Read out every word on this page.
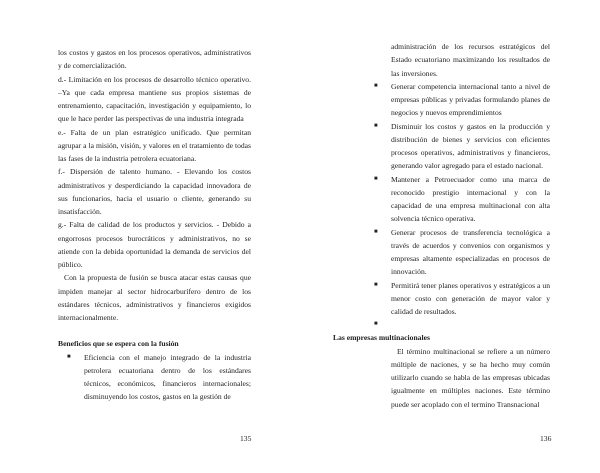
los costos y gastos en los procesos operativos, administrativos y de comercialización.

d.- Limitación en los procesos de desarrollo técnico operativo. –Ya que cada empresa mantiene sus propios sistemas de entrenamiento, capacitación, investigación y equipamiento, lo que le hace perder las perspectivas de una industria integrada

e.- Falta de un plan estratégico unificado. Que permitan agrupar a la misión, visión, y valores en el tratamiento de todas las fases de la industria petrolera ecuatoriana.

f.- Dispersión de talento humano. - Elevando los costos administrativos y desperdiciando la capacidad innovadora de sus funcionarios, hacia el usuario o cliente, generando su insatisfacción.

g.- Falta de calidad de los productos y servicios. - Debido a engorrosos procesos burocráticos y administrativos, no se atiende con la debida oportunidad la demanda de servicios del público.

Con la propuesta de fusión se busca atacar estas causas que impiden manejar al sector hidrocarburífero dentro de los estándares técnicos, administrativos y financieros exigidos internacionalmente.

Beneficios que se espera con la fusión

■ Eficiencia con el manejo integrado de la industria petrolera ecuatoriana dentro de los estándares técnicos, económicos, financieros internacionales; disminuyendo los costos, gastos en la gestión de
135

administración de los recursos estratégicos del Estado ecuatoriano maximizando los resultados de las inversiones.

■ Generar competencia internacional tanto a nivel de empresas públicas y privadas formulando planes de negocios y nuevos emprendimientos
■ Disminuir los costos y gastos en la producción y distribución de bienes y servicios con eficientes procesos operativos, administrativos y financieros, generando valor agregado para el estado nacional.
■ Mantener a Petroecuador como una marca de reconocido prestigio internacional y con la capacidad de una empresa multinacional con alta solvencia técnico operativa.
■ Generar procesos de transferencia tecnológica a través de acuerdos y convenios con organismos y empresas altamente especializadas en procesos de innovación.
■ Permitirá tener planes operativos y estratégicos a un menor costo con generación de mayor valor y calidad de resultados.
■

Las empresas multinacionales

El término multinacional se refiere a un número múltiple de naciones, y se ha hecho muy común utilizarlo cuando se habla de las empresas ubicadas igualmente en múltiples naciones. Este término puede ser acoplado con el termino Transnacional

136
